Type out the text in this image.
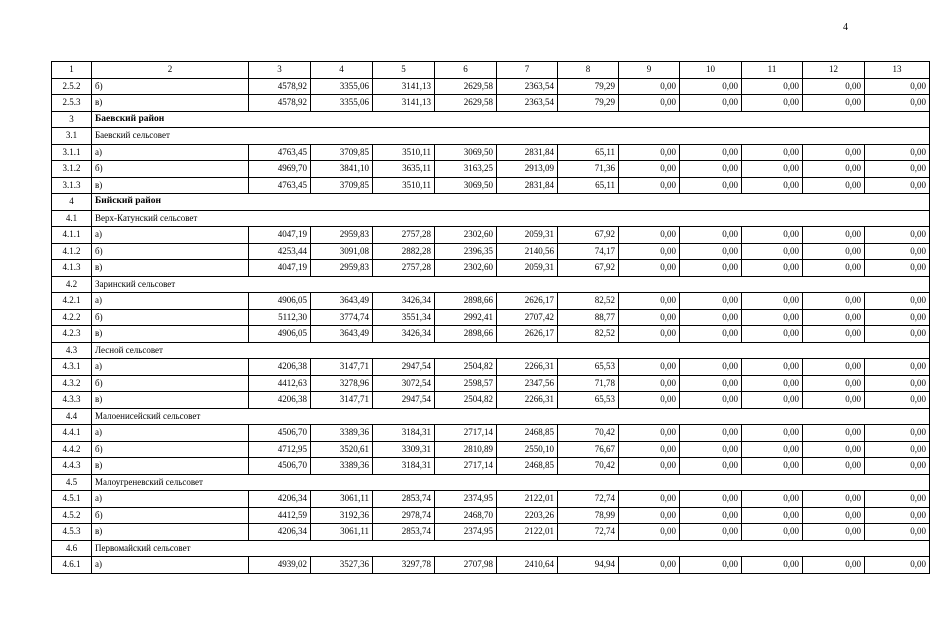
4
1	2	3	4	5	6	7	8	9	10	11	12	13
2.5.2	б)	4578,92	3355,06	3141,13	2629,58	2363,54	79,29	0,00	0,00	0,00	0,00	0,00
2.5.3	в)	4578,92	3355,06	3141,13	2629,58	2363,54	79,29	0,00	0,00	0,00	0,00	0,00
3	Баевский район											
3.1	Баевский сельсовет											
3.1.1	а)	4763,45	3709,85	3510,11	3069,50	2831,84	65,11	0,00	0,00	0,00	0,00	0,00
3.1.2	б)	4969,70	3841,10	3635,11	3163,25	2913,09	71,36	0,00	0,00	0,00	0,00	0,00
3.1.3	в)	4763,45	3709,85	3510,11	3069,50	2831,84	65,11	0,00	0,00	0,00	0,00	0,00
4	Бийский район											
4.1	Верх-Катунский сельсовет											
4.1.1	а)	4047,19	2959,83	2757,28	2302,60	2059,31	67,92	0,00	0,00	0,00	0,00	0,00
4.1.2	б)	4253,44	3091,08	2882,28	2396,35	2140,56	74,17	0,00	0,00	0,00	0,00	0,00
4.1.3	в)	4047,19	2959,83	2757,28	2302,60	2059,31	67,92	0,00	0,00	0,00	0,00	0,00
4.2	Заринский сельсовет											
4.2.1	а)	4906,05	3643,49	3426,34	2898,66	2626,17	82,52	0,00	0,00	0,00	0,00	0,00
4.2.2	б)	5112,30	3774,74	3551,34	2992,41	2707,42	88,77	0,00	0,00	0,00	0,00	0,00
4.2.3	в)	4906,05	3643,49	3426,34	2898,66	2626,17	82,52	0,00	0,00	0,00	0,00	0,00
4.3	Лесной сельсовет											
4.3.1	а)	4206,38	3147,71	2947,54	2504,82	2266,31	65,53	0,00	0,00	0,00	0,00	0,00
4.3.2	б)	4412,63	3278,96	3072,54	2598,57	2347,56	71,78	0,00	0,00	0,00	0,00	0,00
4.3.3	в)	4206,38	3147,71	2947,54	2504,82	2266,31	65,53	0,00	0,00	0,00	0,00	0,00
4.4	Малоенисейский сельсовет											
4.4.1	а)	4506,70	3389,36	3184,31	2717,14	2468,85	70,42	0,00	0,00	0,00	0,00	0,00
4.4.2	б)	4712,95	3520,61	3309,31	2810,89	2550,10	76,67	0,00	0,00	0,00	0,00	0,00
4.4.3	в)	4506,70	3389,36	3184,31	2717,14	2468,85	70,42	0,00	0,00	0,00	0,00	0,00
4.5	Малоугреневский сельсовет											
4.5.1	а)	4206,34	3061,11	2853,74	2374,95	2122,01	72,74	0,00	0,00	0,00	0,00	0,00
4.5.2	б)	4412,59	3192,36	2978,74	2468,70	2203,26	78,99	0,00	0,00	0,00	0,00	0,00
4.5.3	в)	4206,34	3061,11	2853,74	2374,95	2122,01	72,74	0,00	0,00	0,00	0,00	0,00
4.6	Первомайский сельсовет											
4.6.1	а)	4939,02	3527,36	3297,78	2707,98	2410,64	94,94	0,00	0,00	0,00	0,00	0,00
